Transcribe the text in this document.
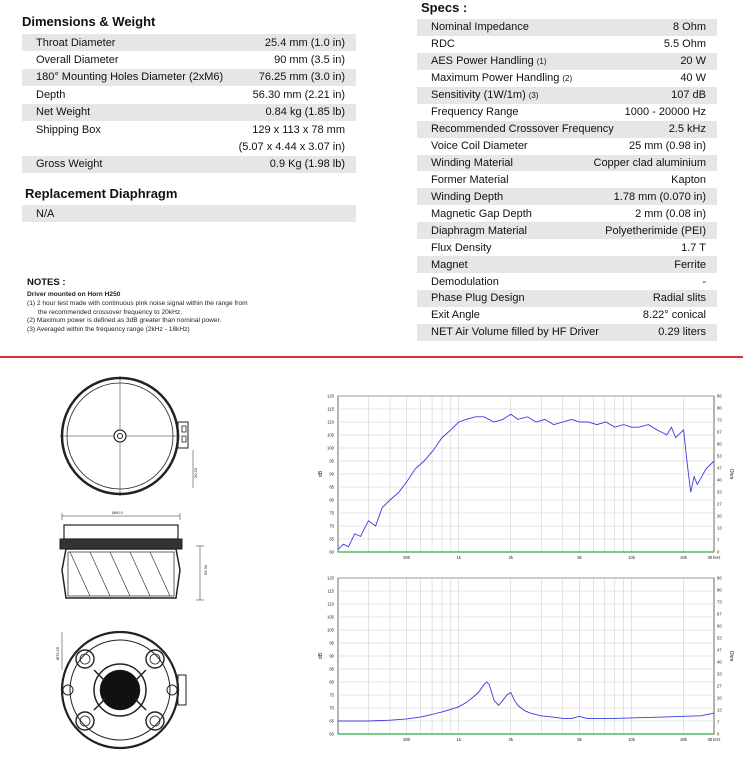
Dimensions & Weight
Throat Diameter	25.4 mm (1.0 in)
Overall Diameter	90 mm (3.5 in)
180° Mounting Holes Diameter (2xM6)	76.25 mm (3.0 in)
Depth	56.30 mm (2.21 in)
Net Weight	0.84 kg (1.85 lb)
Shipping Box	129 x 113 x 78 mm
(5.07 x 4.44 x 3.07 in)
Gross Weight	0.9 Kg (1.98 lb)
Replacement Diaphragm
N/A
Specs :
Nominal Impedance	8 Ohm
RDC	5.5 Ohm
AES Power Handling (1)	20 W
Maximum Power Handling (2)	40 W
Sensitivity (1W/1m) (3)	107 dB
Frequency Range	1000 - 20000 Hz
Recommended Crossover Frequency	2.5 kHz
Voice Coil Diameter	25 mm (0.98 in)
Winding Material	Copper clad aluminium
Former Material	Kapton
Winding Depth	1.78 mm (0.070 in)
Magnetic Gap Depth	2 mm (0.08 in)
Diaphragm Material	Polyetherimide (PEI)
Flux Density	1.7 T
Magnet	Ferrite
Demodulation	-
Phase Plug Design	Radial slits
Exit Angle	8.22° conical
NET Air Volume filled by HF Driver	0.29 liters
NOTES :
Driver mounted on Horn H250
(1) 2 hour test made with continuous pink noise signal within the range from
the recommended crossover frequency to 20kHz.
(2) Maximum power is defined as 3dB greater than nominal power.
(3) Averaged within the frequency range (2kHz - 18kHz)
Ø90.0
56.30
20.20
Ø76.25
120
115
110
105
100
95
90
85
80
75
70
65
60
86
80
73
67
60
53
47
40
33
27
20
13
7
0
dB	Ohm
500	1k	2k	5k	10k	20k	30 kHz
120
115
110
105
100
95
90
85
80
75
70
65
60
86
80
73
67
60
53
47
40
33
27
20
13
7
0
dB	Ohm
500	1k	2k	5k	10k	20k	30 kHz
